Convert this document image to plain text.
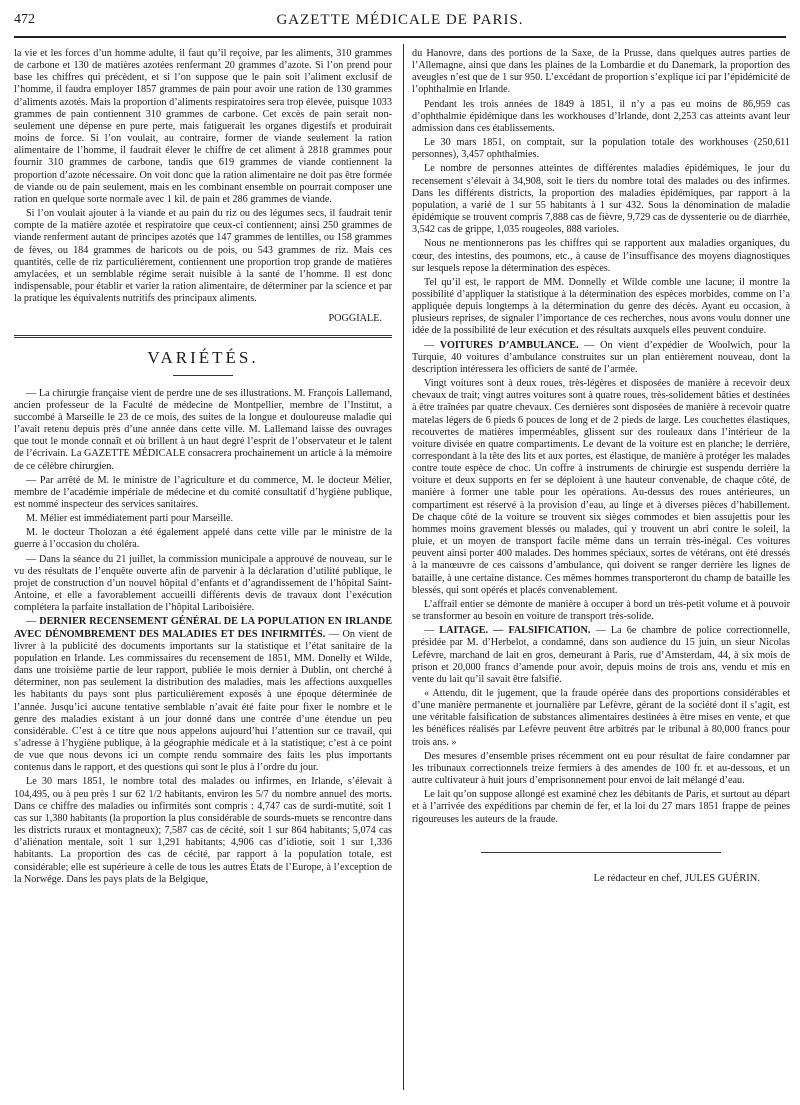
472	GAZETTE MÉDICALE DE PARIS.

la vie et les forces d’un homme adulte, il faut qu’il reçoive, par les aliments, 310 grammes de carbone et 130 de matières azotées renfermant 20 grammes d’azote. Si l’on prend pour base les chiffres qui précèdent, et si l’on suppose que le pain soit l’aliment exclusif de l’homme, il faudra employer 1857 grammes de pain pour avoir une ration de 130 grammes d’aliments azotés. Mais la proportion d’aliments respiratoires sera trop élevée, puisque 1033 grammes de pain contiennent 310 grammes de carbone. Cet excès de pain serait non-seulement une dépense en pure perte, mais fatiguerait les organes digestifs et produirait moins de force. Si l’on voulait, au contraire, former de viande seulement la ration alimentaire de l’homme, il faudrait élever le chiffre de cet aliment à 2818 grammes pour fournir 310 grammes de carbone, tandis que 619 grammes de viande contiennent la proportion d’azote nécessaire. On voit donc que la ration alimentaire ne doit pas être formée de viande ou de pain seulement, mais en les combinant ensemble on pourrait composer une ration en quelque sorte normale avec 1 kil. de pain et 286 grammes de viande.

Si l’on voulait ajouter à la viande et au pain du riz ou des légumes secs, il faudrait tenir compte de la matière azotée et respiratoire que ceux-ci contiennent; ainsi 250 grammes de viande renferment autant de principes azotés que 147 grammes de lentilles, ou 158 grammes de fèves, ou 184 grammes de haricots ou de pois, ou 543 grammes de riz. Mais ces quantités, celle de riz particulièrement, contiennent une proportion trop grande de matières amylacées, et un semblable régime serait nuisible à la santé de l’homme. Il est donc indispensable, pour établir et varier la ration alimentaire, de déterminer par la science et par la pratique les équivalents nutritifs des principaux aliments.

POGGIALE.

VARIÉTÉS.

— La chirurgie française vient de perdre une de ses illustrations. M. François Lallemand, ancien professeur de la Faculté de médecine de Montpellier, membre de l’Institut, a succombé à Marseille le 23 de ce mois, des suites de la longue et douloureuse maladie qui l’avait retenu depuis près d’une année dans cette ville. M. Lallemand laisse des ouvrages que tout le monde connaît et où brillent à un haut degré l’esprit de l’observateur et le talent de l’écrivain. La GAZETTE MÉDICALE consacrera prochainement un article à la mémoire de ce célèbre chirurgien.

— Par arrêté de M. le ministre de l’agriculture et du commerce, M. le docteur Mélier, membre de l’académie impériale de médecine et du comité consultatif d’hygiène publique, est nommé inspecteur des services sanitaires.

M. Mélier est immédiatement parti pour Marseille.

M. le docteur Tholozan a été également appelé dans cette ville par le ministre de la guerre à l’occasion du choléra.

— Dans la séance du 21 juillet, la commission municipale a approuvé de nouveau, sur le vu des résultats de l’enquête ouverte afin de parvenir à la déclaration d’utilité publique, le projet de construction d’un nouvel hôpital d’enfants et d’agrandissement de l’hôpital Saint-Antoine, et elle a favorablement accueilli différents devis de travaux dont l’exécution complétera la parfaite installation de l’hôpital Lariboisière.

— DERNIER RECENSEMENT GÉNÉRAL DE LA POPULATION EN IRLANDE AVEC DÉNOMBREMENT DES MALADIES ET DES INFIRMITÉS. — On vient de livrer à la publicité des documents importants sur la statistique et l’état sanitaire de la population en Irlande. Les commissaires du recensement de 1851, MM. Donelly et Wilde, dans une troisième partie de leur rapport, publiée le mois dernier à Dublin, ont cherché à déterminer, non pas seulement la distribution des maladies, mais les affections auxquelles les habitants du pays sont plus particulièrement exposés à une époque déterminée de l’année. Jusqu’ici aucune tentative semblable n’avait été faite pour fixer le nombre et le genre des maladies existant à un jour donné dans une contrée d’une étendue un peu considérable. C’est à ce titre que nous appelons aujourd’hui l’attention sur ce travail, qui s’adresse à l’hygiène publique, à la géographie médicale et à la statistique; c’est à ce point de vue que nous devons ici un compte rendu sommaire des faits les plus importants contenus dans le rapport, et des questions qui sont le plus à l’ordre du jour.

Le 30 mars 1851, le nombre total des malades ou infirmes, en Irlande, s’élevait à 104,495, ou à peu près 1 sur 62 1/2 habitants, environ les 5/7 du nombre annuel des morts. Dans ce chiffre des maladies ou infirmités sont compris : 4,747 cas de surdi-mutité, soit 1 cas sur 1,380 habitants (la proportion la plus considérable de sourds-muets se rencontre dans les districts ruraux et montagneux); 7,587 cas de cécité, soit 1 sur 864 habitants; 5,074 cas d’aliénation mentale, soit 1 sur 1,291 habitants; 4,906 cas d’idiotie, soit 1 sur 1,336 habitants. La proportion des cas de cécité, par rapport à la population totale, est considérable; elle est supérieure à celle de tous les autres États de l’Europe, à l’exception de la Norwége. Dans les pays plats de la Belgique,

du Hanovre, dans des portions de la Saxe, de la Prusse, dans quelques autres parties de l’Allemagne, ainsi que dans les plaines de la Lombardie et du Danemark, la proportion des aveugles n’est que de 1 sur 950. L’excédant de proportion s’explique ici par l’épidémicité de l’ophthalmie en Irlande.

Pendant les trois années de 1849 à 1851, il n’y a pas eu moins de 86,959 cas d’ophthalmie épidémique dans les workhouses d’Irlande, dont 2,253 cas atteints avant leur admission dans ces établissements.

Le 30 mars 1851, on comptait, sur la population totale des workhouses (250,611 personnes), 3,457 ophthalmies.

Le nombre de personnes atteintes de différentes maladies épidémiques, le jour du recensement s’élevait à 34,908, soit le tiers du nombre total des malades ou des infirmes. Dans les différents districts, la proportion des maladies épidémiques, par rapport à la population, a varié de 1 sur 55 habitants à 1 sur 432. Sous la dénomination de maladie épidémique se trouvent compris 7,888 cas de fièvre, 9,729 cas de dyssenterie ou de diarrhée, 3,542 cas de grippe, 1,035 rougeoles, 888 varioles.

Nous ne mentionnerons pas les chiffres qui se rapportent aux maladies organiques, du cœur, des intestins, des poumons, etc., à cause de l’insuffisance des moyens diagnostiques sur lesquels repose la détermination des espèces.

Tel qu’il est, le rapport de MM. Donnelly et Wilde comble une lacune; il montre la possibilité d’appliquer la statistique à la détermination des espèces morbides, comme on l’a appliquée depuis longtemps à la détermination du genre des décès. Ayant eu occasion, à plusieurs reprises, de signaler l’importance de ces recherches, nous avons voulu donner une idée de la possibilité de leur exécution et des résultats auxquels elles peuvent conduire.

— VOITURES D’AMBULANCE. — On vient d’expédier de Woolwich, pour la Turquie, 40 voitures d’ambulance construites sur un plan entièrement nouveau, dont la description intéressera les officiers de santé de l’armée.

Vingt voitures sont à deux roues, très-légères et disposées de manière à recevoir deux chevaux de trait; vingt autres voitures sont à quatre roues, très-solidement bâties et destinées à être traînées par quatre chevaux. Ces dernières sont disposées de manière à recevoir quatre matelas légers de 6 pieds 6 pouces de long et de 2 pieds de large. Les couchettes élastiques, recouvertes de matières imperméables, glissent sur des rouleaux dans l’intérieur de la voiture divisée en quatre compartiments. Le devant de la voiture est en planche; le derrière, correspondant à la tête des lits et aux portes, est élastique, de manière à protéger les malades contre toute espèce de choc. Un coffre à instruments de chirurgie est suspendu derrière la voiture et deux supports en fer se déploient à une hauteur convenable, de chaque côté, de manière à former une table pour les opérations. Au-dessus des roues antérieures, un compartiment est réservé à la provision d’eau, au linge et à diverses pièces d’habillement. De chaque côté de la voiture se trouvent six sièges commodes et bien assujettis pour les hommes moins gravement blessés ou malades, qui y trouvent un abri contre le soleil, la pluie, et un moyen de transport facile même dans un terrain très-inégal. Ces voitures peuvent ainsi porter 400 malades. Des hommes spéciaux, sortes de vétérans, ont été dressés à la manœuvre de ces caissons d’ambulance, qui doivent se ranger derrière les lignes de bataille, à une certaine distance. Ces mêmes hommes transporteront du champ de bataille les blessés, qui sont opérés et placés convenablement.

L’affrail entier se démonte de manière à occuper à bord un très-petit volume et à pouvoir se transformer au besoin en voiture de transport très-solide.

— LAITAGE. — FALSIFICATION. — La 6e chambre de police correctionnelle, présidée par M. d’Herbelot, a condamné, dans son audience du 15 juin, un sieur Nicolas Lefèvre, marchand de lait en gros, demeurant à Paris, rue d’Amsterdam, 44, à six mois de prison et 20,000 francs d’amende pour avoir, depuis moins de trois ans, vendu et mis en vente du lait qu’il savait être falsifié.

« Attendu, dit le jugement, que la fraude opérée dans des proportions considérables et d’une manière permanente et journalière par Lefèvre, gérant de la société dont il s’agit, est une véritable falsification de substances alimentaires destinées à être mises en vente, et que les bénéfices réalisés par Lefèvre peuvent être arbitrés par le tribunal à 80,000 francs pour trois ans. »

Des mesures d’ensemble prises récemment ont eu pour résultat de faire condamner par les tribunaux correctionnels treize fermiers à des amendes de 100 fr. et au-dessous, et un autre cultivateur à huit jours d’emprisonnement pour envoi de lait mélangé d’eau.

Le lait qu’on suppose allongé est examiné chez les débitants de Paris, et surtout au départ et à l’arrivée des expéditions par chemin de fer, et la loi du 27 mars 1851 frappe de peines rigoureuses les auteurs de la fraude.

Le rédacteur en chef, JULES GUÉRIN.
